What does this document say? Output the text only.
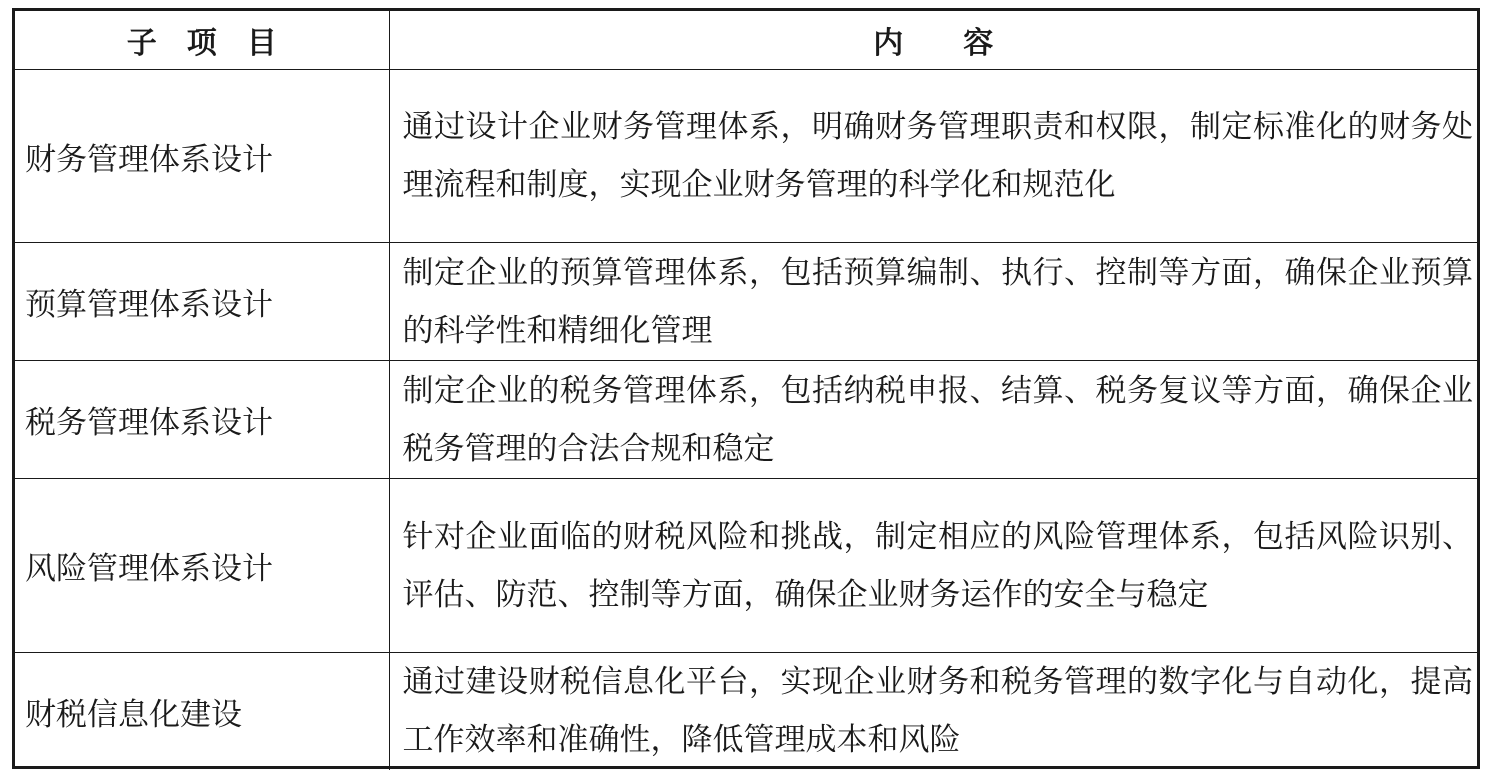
子　项　目	内　　容
财务管理体系设计	通过设计企业财务管理体系，明确财务管理职责和权限，制定标准化的财务处理流程和制度，实现企业财务管理的科学化和规范化
预算管理体系设计	制定企业的预算管理体系，包括预算编制、执行、控制等方面，确保企业预算的科学性和精细化管理
税务管理体系设计	制定企业的税务管理体系，包括纳税申报、结算、税务复议等方面，确保企业税务管理的合法合规和稳定
风险管理体系设计	针对企业面临的财税风险和挑战，制定相应的风险管理体系，包括风险识别、评估、防范、控制等方面，确保企业财务运作的安全与稳定
财税信息化建设	通过建设财税信息化平台，实现企业财务和税务管理的数字化与自动化，提高工作效率和准确性，降低管理成本和风险
